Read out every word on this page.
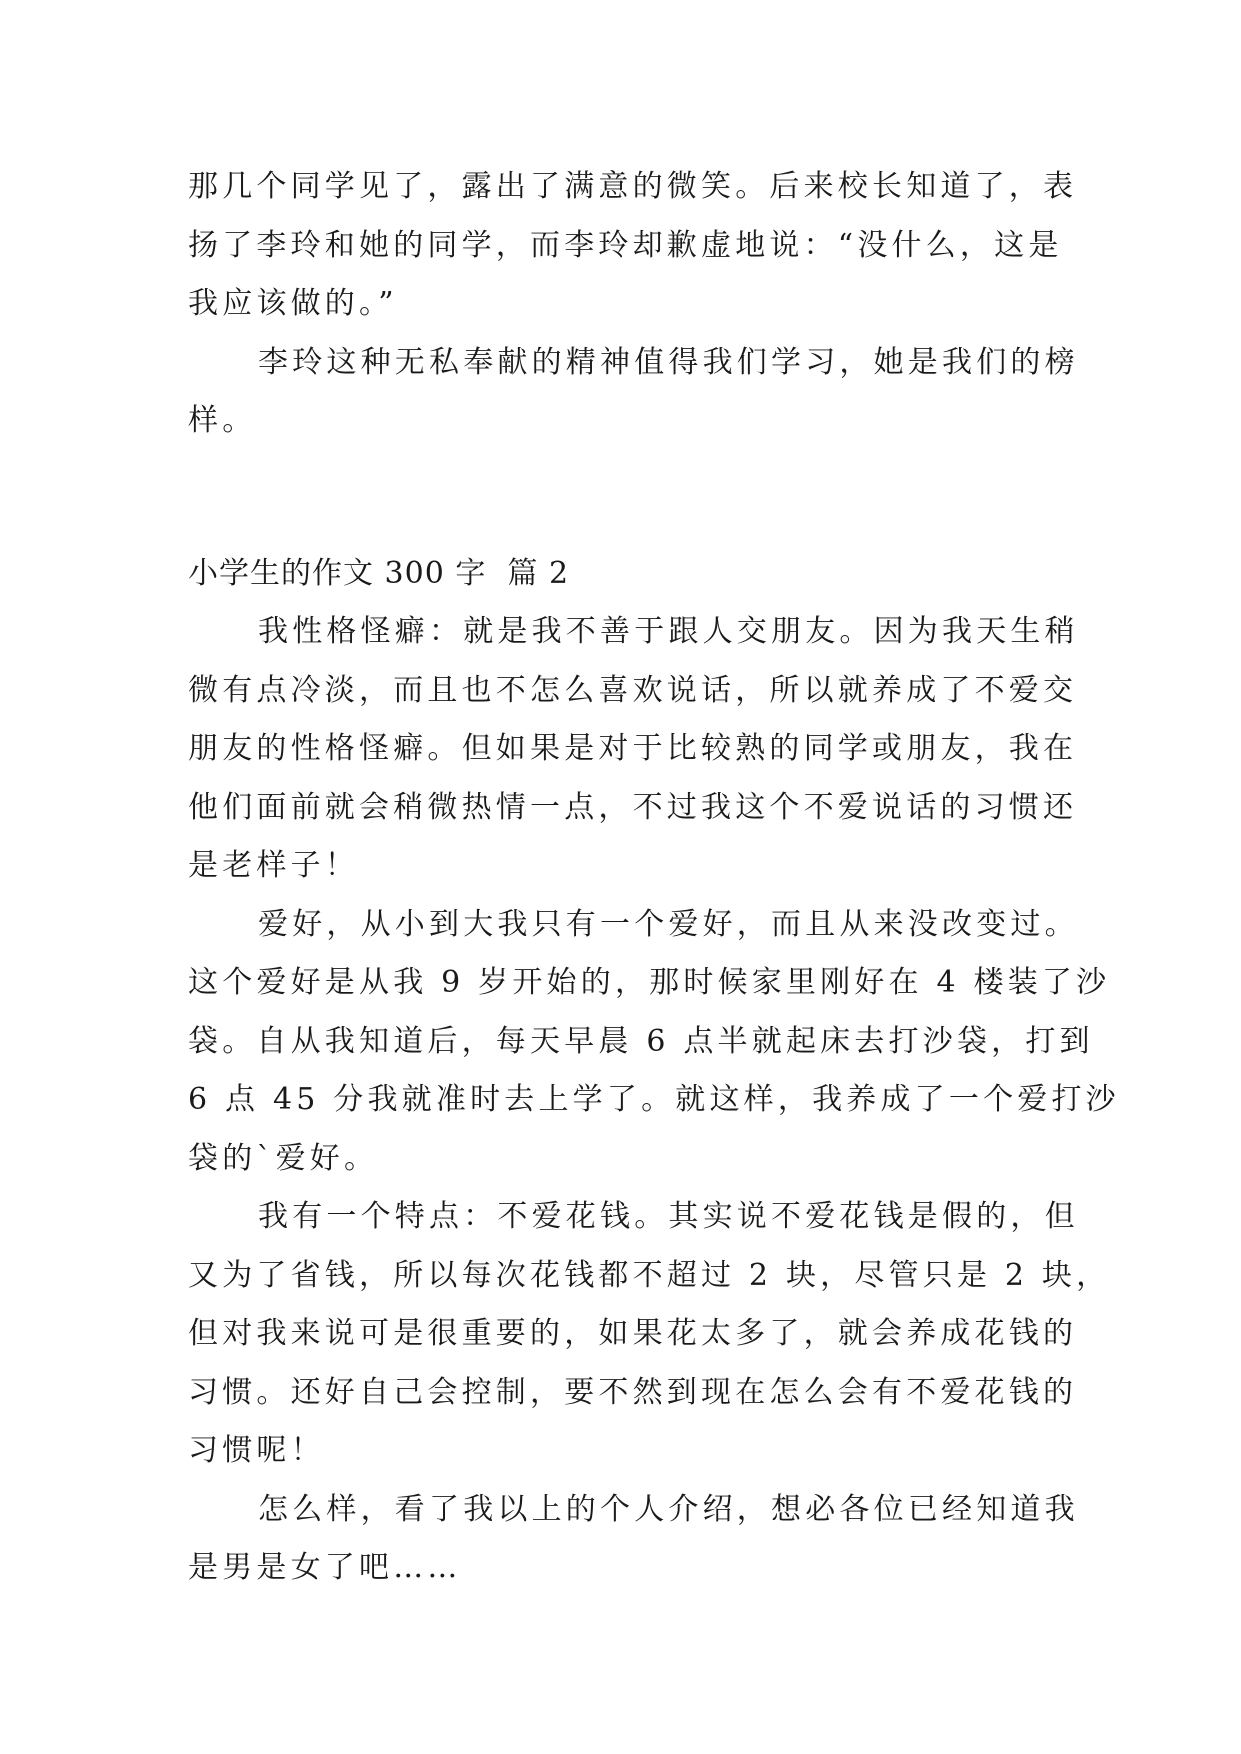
那几个同学见了，露出了满意的微笑。后来校长知道了，表
扬了李玲和她的同学，而李玲却歉虚地说：“没什么，这是
我应该做的。”
李玲这种无私奉献的精神值得我们学习，她是我们的榜
样。
小学生的作文 300 字  篇 2
我性格怪癖：就是我不善于跟人交朋友。因为我天生稍
微有点冷淡，而且也不怎么喜欢说话，所以就养成了不爱交
朋友的性格怪癖。但如果是对于比较熟的同学或朋友，我在
他们面前就会稍微热情一点，不过我这个不爱说话的习惯还
是老样子！
爱好，从小到大我只有一个爱好，而且从来没改变过。
这个爱好是从我 9 岁开始的，那时候家里刚好在 4 楼装了沙
袋。自从我知道后，每天早晨 6 点半就起床去打沙袋，打到
6 点 45 分我就准时去上学了。就这样，我养成了一个爱打沙
袋的`爱好。
我有一个特点：不爱花钱。其实说不爱花钱是假的，但
又为了省钱，所以每次花钱都不超过 2 块，尽管只是 2 块，
但对我来说可是很重要的，如果花太多了，就会养成花钱的
习惯。还好自己会控制，要不然到现在怎么会有不爱花钱的
习惯呢！
怎么样，看了我以上的个人介绍，想必各位已经知道我
是男是女了吧……
